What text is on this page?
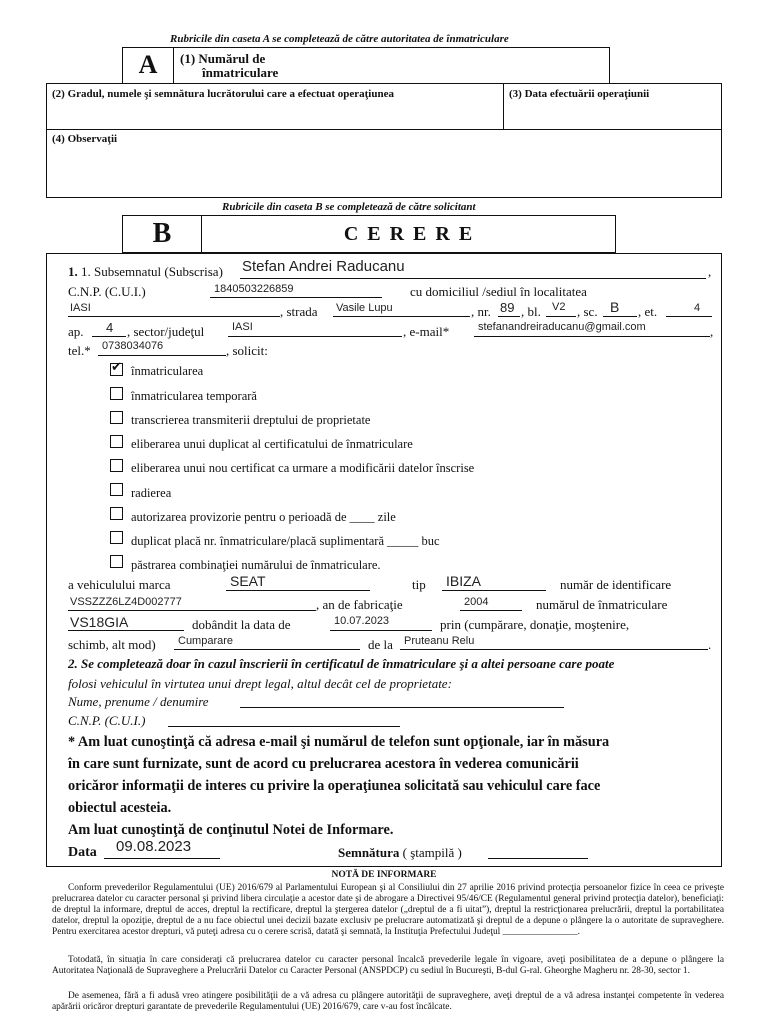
Rubricile din caseta A se completează de către autoritatea de înmatriculare
A	(1) Numărul de
înmatriculare
(2) Gradul, numele şi semnătura lucrătorului care a efectuat operaţiunea	(3) Data efectuării operaţiunii
(4) Observaţii
Rubricile din caseta B se completează de către solicitant
B	C E R E R E
1. 1. Subsemnatul (Subscrisa) Stefan Andrei Raducanu	,
C.N.P. (C.U.I.)	1840503226859	cu domiciliul /sediul în localitatea
IASI	, strada Vasile Lupu	, nr. 89 , bl. V2 , sc. B , et.	4
ap. 4 , sector/judeţul	IASI	, e-mail*	stefanandreiraducanu@gmail.com	,
tel.* 0738034076	, solicit:
✔ înmatricularea
înmatricularea temporară
transcrierea transmiterii dreptului de proprietate
eliberarea unui duplicat al certificatului de înmatriculare
eliberarea unui nou certificat ca urmare a modificării datelor înscrise
radierea
autorizarea provizorie pentru o perioadă de ____ zile
duplicat placă nr. înmatriculare/placă suplimentară _____ buc
păstrarea combinaţiei numărului de înmatriculare.
a vehiculului marca	SEAT	tip IBIZA	număr de identificare
VSSZZZ6LZ4D002777	, an de fabricaţie	2004	numărul de înmatriculare
VS18GIA	dobândit la data de	10.07.2023	prin (cumpărare, donaţie, moştenire,
schimb, alt mod) Cumparare	de la Pruteanu Relu	.
2. Se completează doar în cazul înscrierii în certificatul de înmatriculare şi a altei persoane care poate
folosi vehiculul în virtutea unui drept legal, altul decât cel de proprietate:
Nume, prenume / denumire
C.N.P. (C.U.I.)
* Am luat cunoştinţă că adresa e-mail şi numărul de telefon sunt opţionale, iar în măsura
în care sunt furnizate, sunt de acord cu prelucrarea acestora în vederea comunicării
oricăror informaţii de interes cu privire la operaţiunea solicitată sau vehiculul care face
obiectul acesteia.
Am luat cunoştinţă de conţinutul Notei de Informare.
Data 09.08.2023	Semnătura ( ştampilă )
NOTĂ DE INFORMARE
Conform prevederilor Regulamentului (UE) 2016/679 al Parlamentului European şi al Consiliului din 27 aprilie 2016 privind protecţia persoanelor fizice în ceea ce priveşte prelucrarea datelor cu caracter personal şi privind libera circulaţie a acestor date şi de abrogare a Directivei 95/46/CE (Regulamentul general privind protecţia datelor), beneficiaţi: de dreptul la informare, dreptul de acces, dreptul la rectificare, dreptul la ştergerea datelor („dreptul de a fi uitat”), dreptul la restricţionarea prelucrării, dreptul la portabilitatea datelor, dreptul la opoziţie, dreptul de a nu face obiectul unei decizii bazate exclusiv pe prelucrare automatizată şi dreptul de a depune o plângere la o autoritate de supraveghere. Pentru exercitarea acestor drepturi, vă puteţi adresa cu o cerere scrisă, datată şi semnată, la Instituţia Prefectului Judeţul ________________.
Totodată, în situaţia în care consideraţi că prelucrarea datelor cu caracter personal încalcă prevederile legale în vigoare, aveţi posibilitatea de a depune o plângere la Autoritatea Naţională de Supraveghere a Prelucrării Datelor cu Caracter Personal (ANSPDCP) cu sediul în Bucureşti, B-dul G-ral. Gheorghe Magheru nr. 28-30, sector 1.
De asemenea, fără a fi adusă vreo atingere posibilităţii de a vă adresa cu plângere autorităţii de supraveghere, aveţi dreptul de a vă adresa instanţei competente în vederea apărării oricăror drepturi garantate de prevederile Regulamentului (UE) 2016/679, care v-au fost încălcate.
